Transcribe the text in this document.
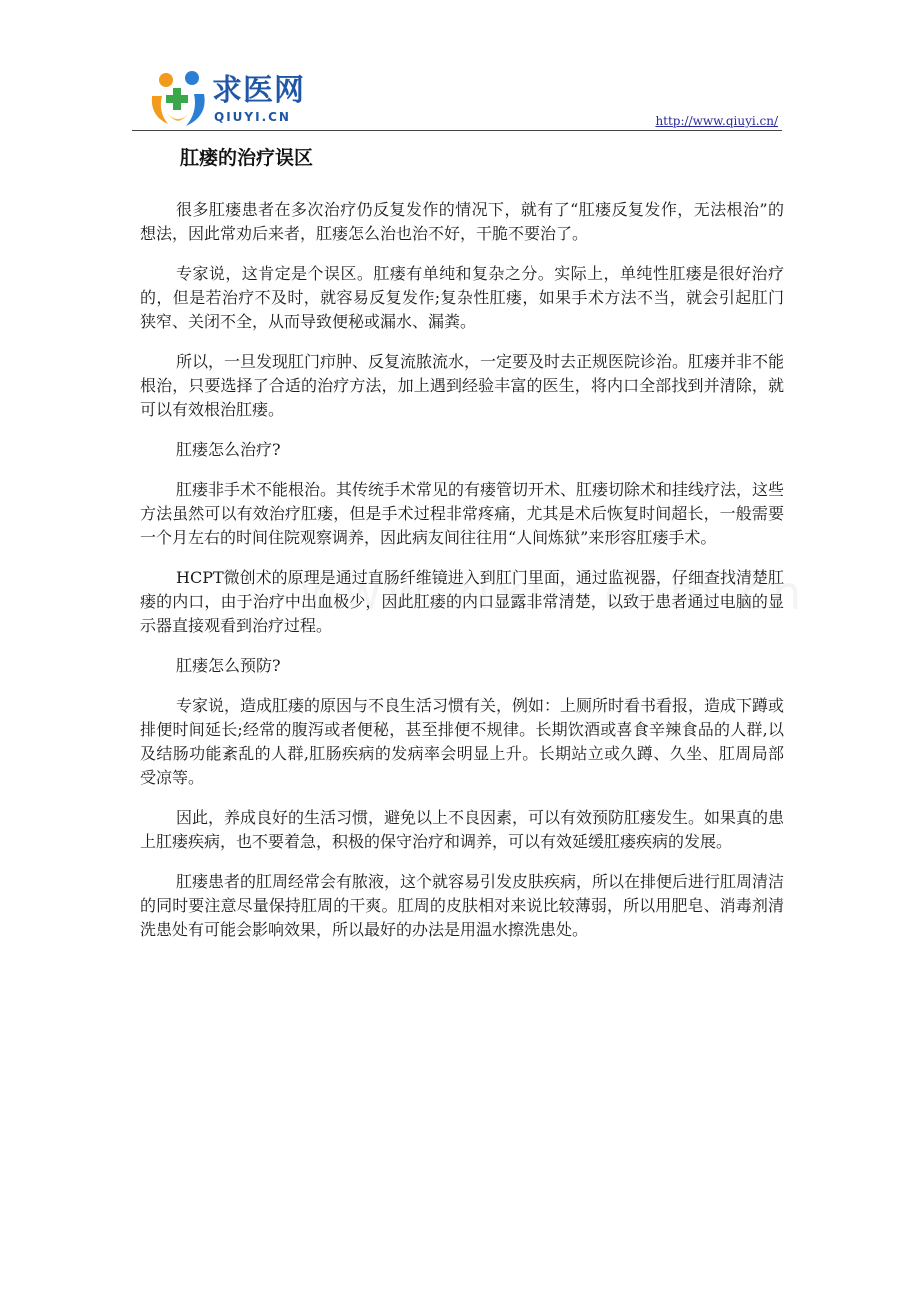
求医网
QIUYI.CN	http://www.qiuyi.cn/
肛瘘的治疗误区

很多肛瘘患者在多次治疗仍反复发作的情况下，就有了“肛瘘反复发作，无法根治”的想法，因此常劝后来者，肛瘘怎么治也治不好，干脆不要治了。

专家说，这肯定是个误区。肛瘘有单纯和复杂之分。实际上，单纯性肛瘘是很好治疗的，但是若治疗不及时，就容易反复发作;复杂性肛瘘，如果手术方法不当，就会引起肛门狭窄、关闭不全，从而导致便秘或漏水、漏粪。

所以，一旦发现肛门疖肿、反复流脓流水，一定要及时去正规医院诊治。肛瘘并非不能根治，只要选择了合适的治疗方法，加上遇到经验丰富的医生，将内口全部找到并清除，就可以有效根治肛瘘。

肛瘘怎么治疗?

肛瘘非手术不能根治。其传统手术常见的有瘘管切开术、肛瘘切除术和挂线疗法，这些方法虽然可以有效治疗肛瘘，但是手术过程非常疼痛，尤其是术后恢复时间超长，一般需要一个月左右的时间住院观察调养，因此病友间往往用“人间炼狱”来形容肛瘘手术。

HCPT微创术的原理是通过直肠纤维镜进入到肛门里面，通过监视器，仔细查找清楚肛瘘的内口，由于治疗中出血极少，因此肛瘘的内口显露非常清楚，以致于患者通过电脑的显示器直接观看到治疗过程。

肛瘘怎么预防?

专家说，造成肛瘘的原因与不良生活习惯有关，例如：上厕所时看书看报，造成下蹲或排便时间延长;经常的腹泻或者便秘，甚至排便不规律。长期饮酒或喜食辛辣食品的人群,以及结肠功能紊乱的人群,肛肠疾病的发病率会明显上升。长期站立或久蹲、久坐、肛周局部受凉等。

因此，养成良好的生活习惯，避免以上不良因素，可以有效预防肛瘘发生。如果真的患上肛瘘疾病，也不要着急，积极的保守治疗和调养，可以有效延缓肛瘘疾病的发展。

肛瘘患者的肛周经常会有脓液，这个就容易引发皮肤疾病，所以在排便后进行肛周清洁的同时要注意尽量保持肛周的干爽。肛周的皮肤相对来说比较薄弱，所以用肥皂、消毒剂清洗患处有可能会影响效果，所以最好的办法是用温水擦洗患处。
